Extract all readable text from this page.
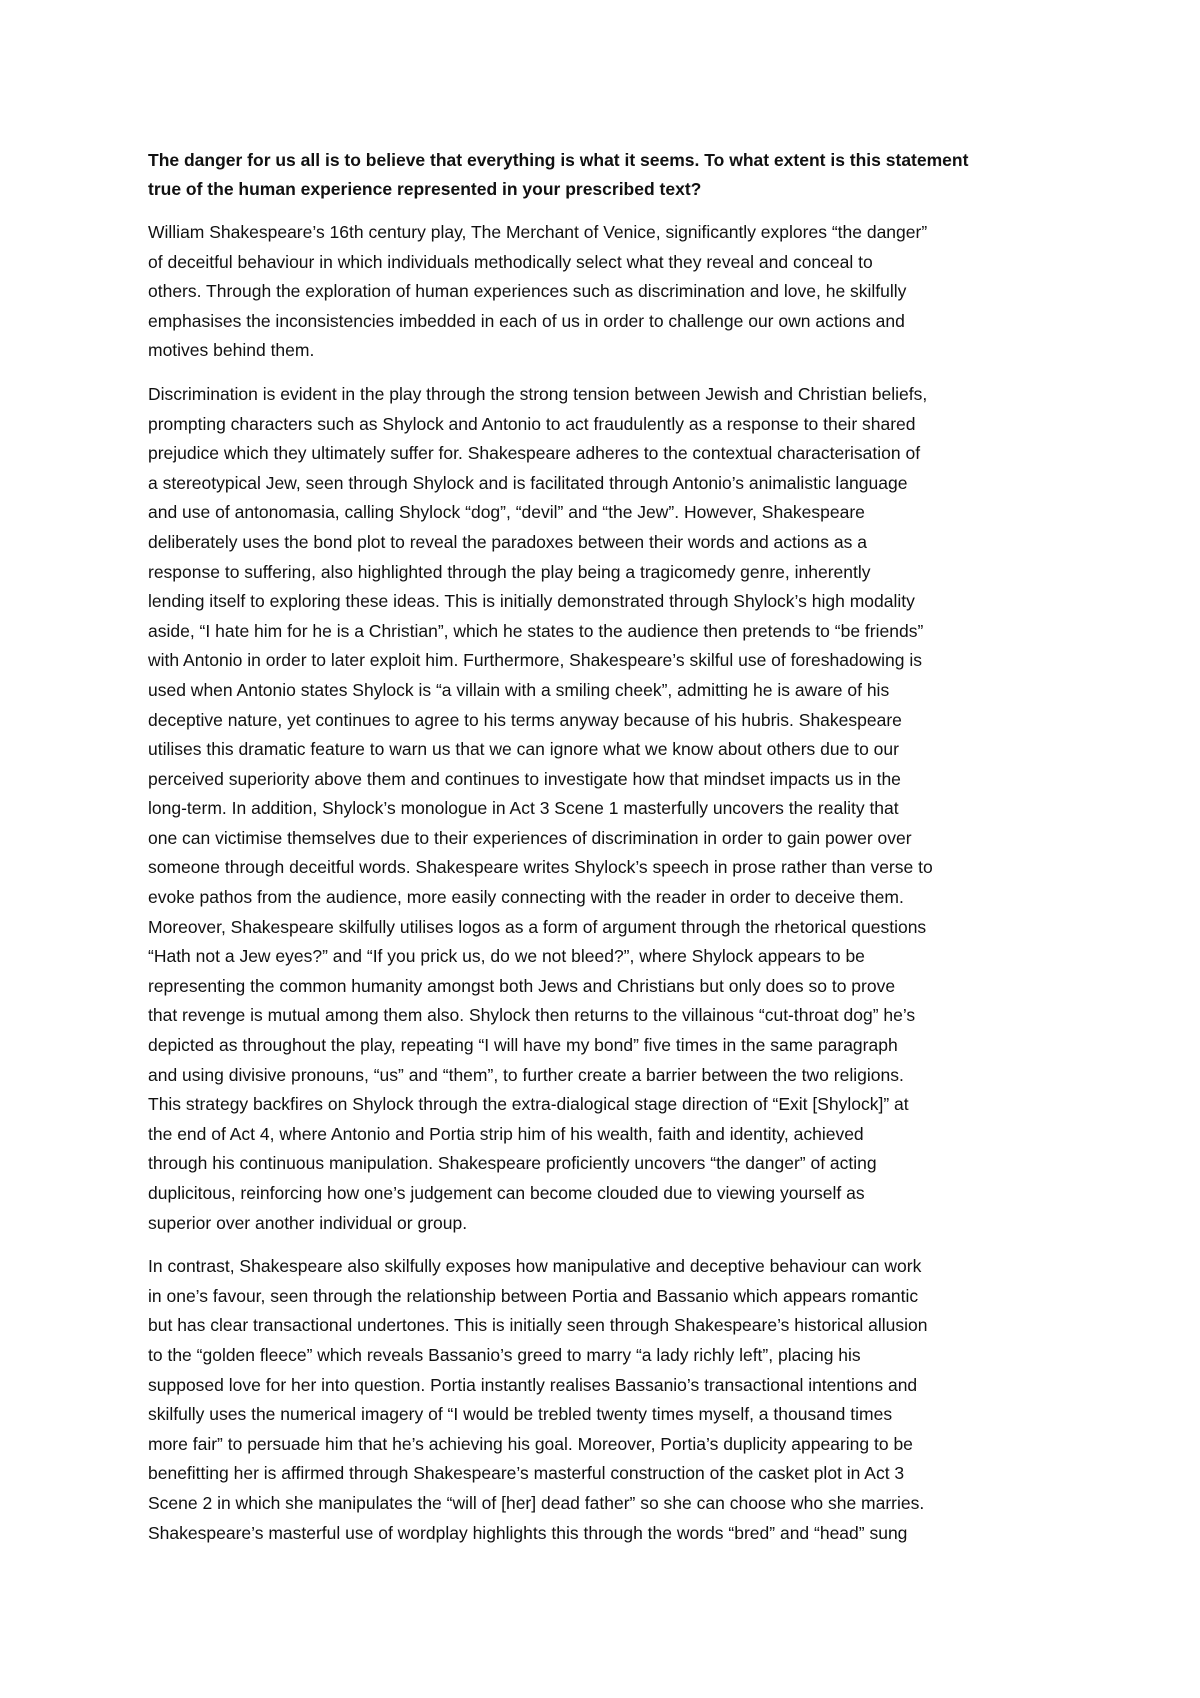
The danger for us all is to believe that everything is what it seems. To what extent is this statement
true of the human experience represented in your prescribed text?
William Shakespeare’s 16th century play, The Merchant of Venice, significantly explores “the danger”
of deceitful behaviour in which individuals methodically select what they reveal and conceal to
others. Through the exploration of human experiences such as discrimination and love, he skilfully
emphasises the inconsistencies imbedded in each of us in order to challenge our own actions and
motives behind them.
Discrimination is evident in the play through the strong tension between Jewish and Christian beliefs,
prompting characters such as Shylock and Antonio to act fraudulently as a response to their shared
prejudice which they ultimately suffer for. Shakespeare adheres to the contextual characterisation of
a stereotypical Jew, seen through Shylock and is facilitated through Antonio’s animalistic language
and use of antonomasia, calling Shylock “dog”, “devil” and “the Jew”. However, Shakespeare
deliberately uses the bond plot to reveal the paradoxes between their words and actions as a
response to suffering, also highlighted through the play being a tragicomedy genre, inherently
lending itself to exploring these ideas. This is initially demonstrated through Shylock’s high modality
aside, “I hate him for he is a Christian”, which he states to the audience then pretends to “be friends”
with Antonio in order to later exploit him. Furthermore, Shakespeare’s skilful use of foreshadowing is
used when Antonio states Shylock is “a villain with a smiling cheek”, admitting he is aware of his
deceptive nature, yet continues to agree to his terms anyway because of his hubris. Shakespeare
utilises this dramatic feature to warn us that we can ignore what we know about others due to our
perceived superiority above them and continues to investigate how that mindset impacts us in the
long-term. In addition, Shylock’s monologue in Act 3 Scene 1 masterfully uncovers the reality that
one can victimise themselves due to their experiences of discrimination in order to gain power over
someone through deceitful words. Shakespeare writes Shylock’s speech in prose rather than verse to
evoke pathos from the audience, more easily connecting with the reader in order to deceive them.
Moreover, Shakespeare skilfully utilises logos as a form of argument through the rhetorical questions
“Hath not a Jew eyes?” and “If you prick us, do we not bleed?”, where Shylock appears to be
representing the common humanity amongst both Jews and Christians but only does so to prove
that revenge is mutual among them also. Shylock then returns to the villainous “cut-throat dog” he’s
depicted as throughout the play, repeating “I will have my bond” five times in the same paragraph
and using divisive pronouns, “us” and “them”, to further create a barrier between the two religions.
This strategy backfires on Shylock through the extra-dialogical stage direction of “Exit [Shylock]” at
the end of Act 4, where Antonio and Portia strip him of his wealth, faith and identity, achieved
through his continuous manipulation. Shakespeare proficiently uncovers “the danger” of acting
duplicitous, reinforcing how one’s judgement can become clouded due to viewing yourself as
superior over another individual or group.
In contrast, Shakespeare also skilfully exposes how manipulative and deceptive behaviour can work
in one’s favour, seen through the relationship between Portia and Bassanio which appears romantic
but has clear transactional undertones. This is initially seen through Shakespeare’s historical allusion
to the “golden fleece” which reveals Bassanio’s greed to marry “a lady richly left”, placing his
supposed love for her into question. Portia instantly realises Bassanio’s transactional intentions and
skilfully uses the numerical imagery of “I would be trebled twenty times myself, a thousand times
more fair” to persuade him that he’s achieving his goal. Moreover, Portia’s duplicity appearing to be
benefitting her is affirmed through Shakespeare’s masterful construction of the casket plot in Act 3
Scene 2 in which she manipulates the “will of [her] dead father” so she can choose who she marries.
Shakespeare’s masterful use of wordplay highlights this through the words “bred” and “head” sung
